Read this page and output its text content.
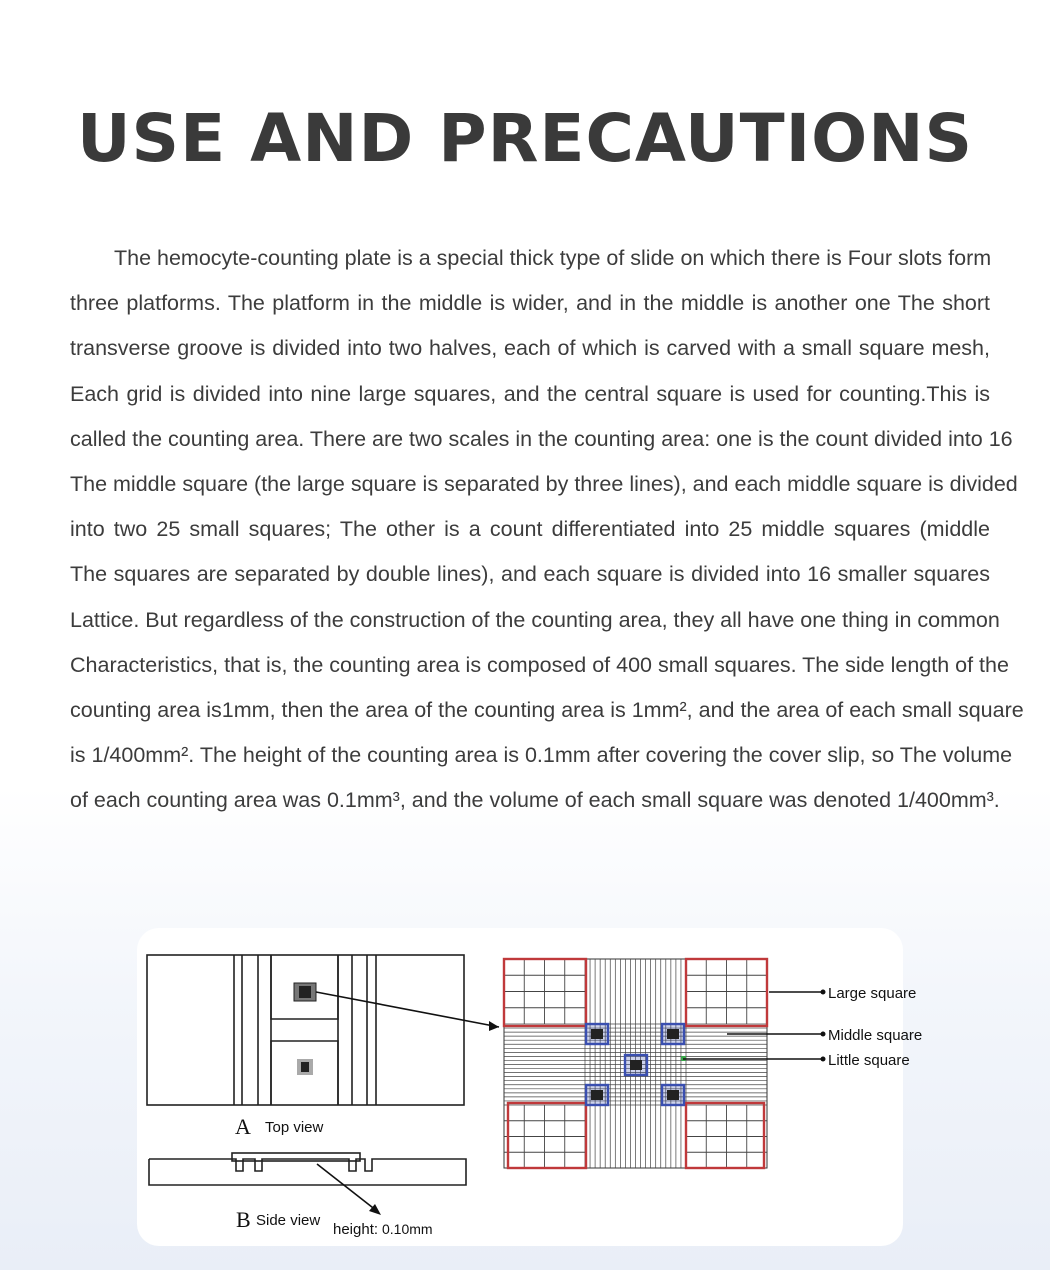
USE AND PRECAUTIONS
The hemocyte-counting plate is a special thick type of slide on which there is Four slots form
three platforms. The platform in the middle is wider, and in the middle is another one The short
transverse groove is divided into two halves, each of which is carved with a small square mesh,
Each grid is divided into nine large squares, and the central square is used for counting.This is
called the counting area. There are two scales in the counting area: one is the count divided into 16
The middle square (the large square is separated by three lines), and each middle square is divided
into two 25 small squares; The other is a count differentiated into 25 middle squares (middle
The squares are separated by double lines), and each square is divided into 16 smaller squares
Lattice. But regardless of the construction of the counting area, they all have one thing in common
Characteristics, that is, the counting area is composed of 400 small squares. The side length of the
counting area is1mm, then the area of the counting area is 1mm², and the area of each small square
is 1/400mm². The height of the counting area is 0.1mm after covering the cover slip, so The volume
of each counting area was 0.1mm³, and the volume of each small square was denoted 1/400mm³.
A Top view
B Side view
height: 0.10mm
Large square
Middle square
Little square
